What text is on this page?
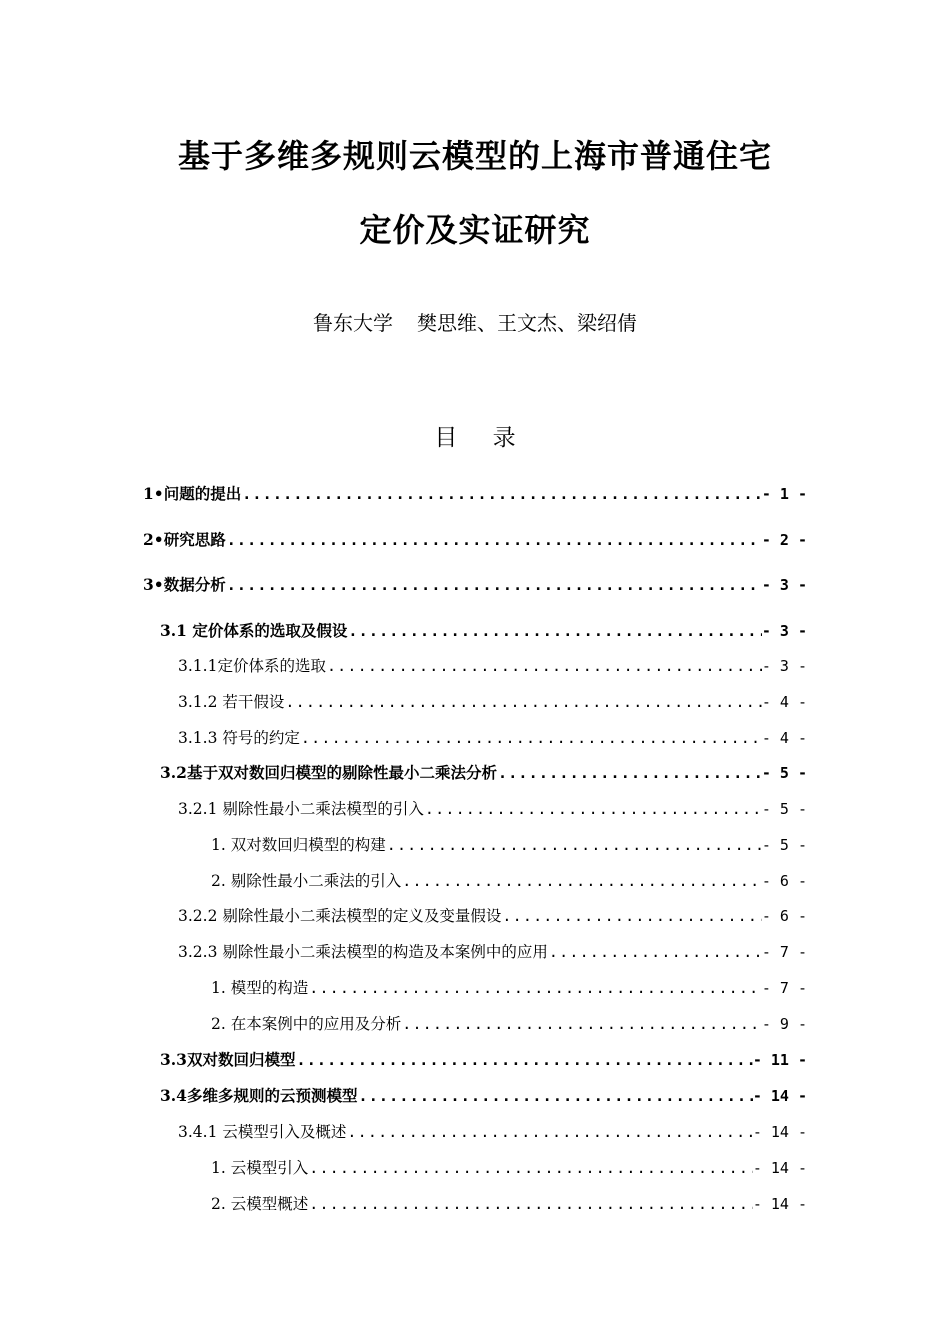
基于多维多规则云模型的上海市普通住宅
定价及实证研究
鲁东大学 樊思维、王文杰、梁绍倩
目 录
1•问题的提出 .....	- 1 -
2•研究思路 .....	- 2 -
3•数据分析 .....	- 3 -
3.1 定价体系的选取及假设 .....	- 3 -
3.1.1定价体系的选取 .....	- 3 -
3.1.2 若干假设 .....	- 4 -
3.1.3 符号的约定 .....	- 4 -
3.2基于双对数回归模型的剔除性最小二乘法分析 .....	- 5 -
3.2.1 剔除性最小二乘法模型的引入 .....	- 5 -
1. 双对数回归模型的构建 .....	- 5 -
2. 剔除性最小二乘法的引入 .....	- 6 -
3.2.2 剔除性最小二乘法模型的定义及变量假设 .....	- 6 -
3.2.3 剔除性最小二乘法模型的构造及本案例中的应用 .....	- 7 -
1. 模型的构造 .....	- 7 -
2. 在本案例中的应用及分析 .....	- 9 -
3.3双对数回归模型 .....	- 11 -
3.4多维多规则的云预测模型 .....	- 14 -
3.4.1 云模型引入及概述 .....	- 14 -
1. 云模型引入 .....	- 14 -
2. 云模型概述 .....	- 14 -
